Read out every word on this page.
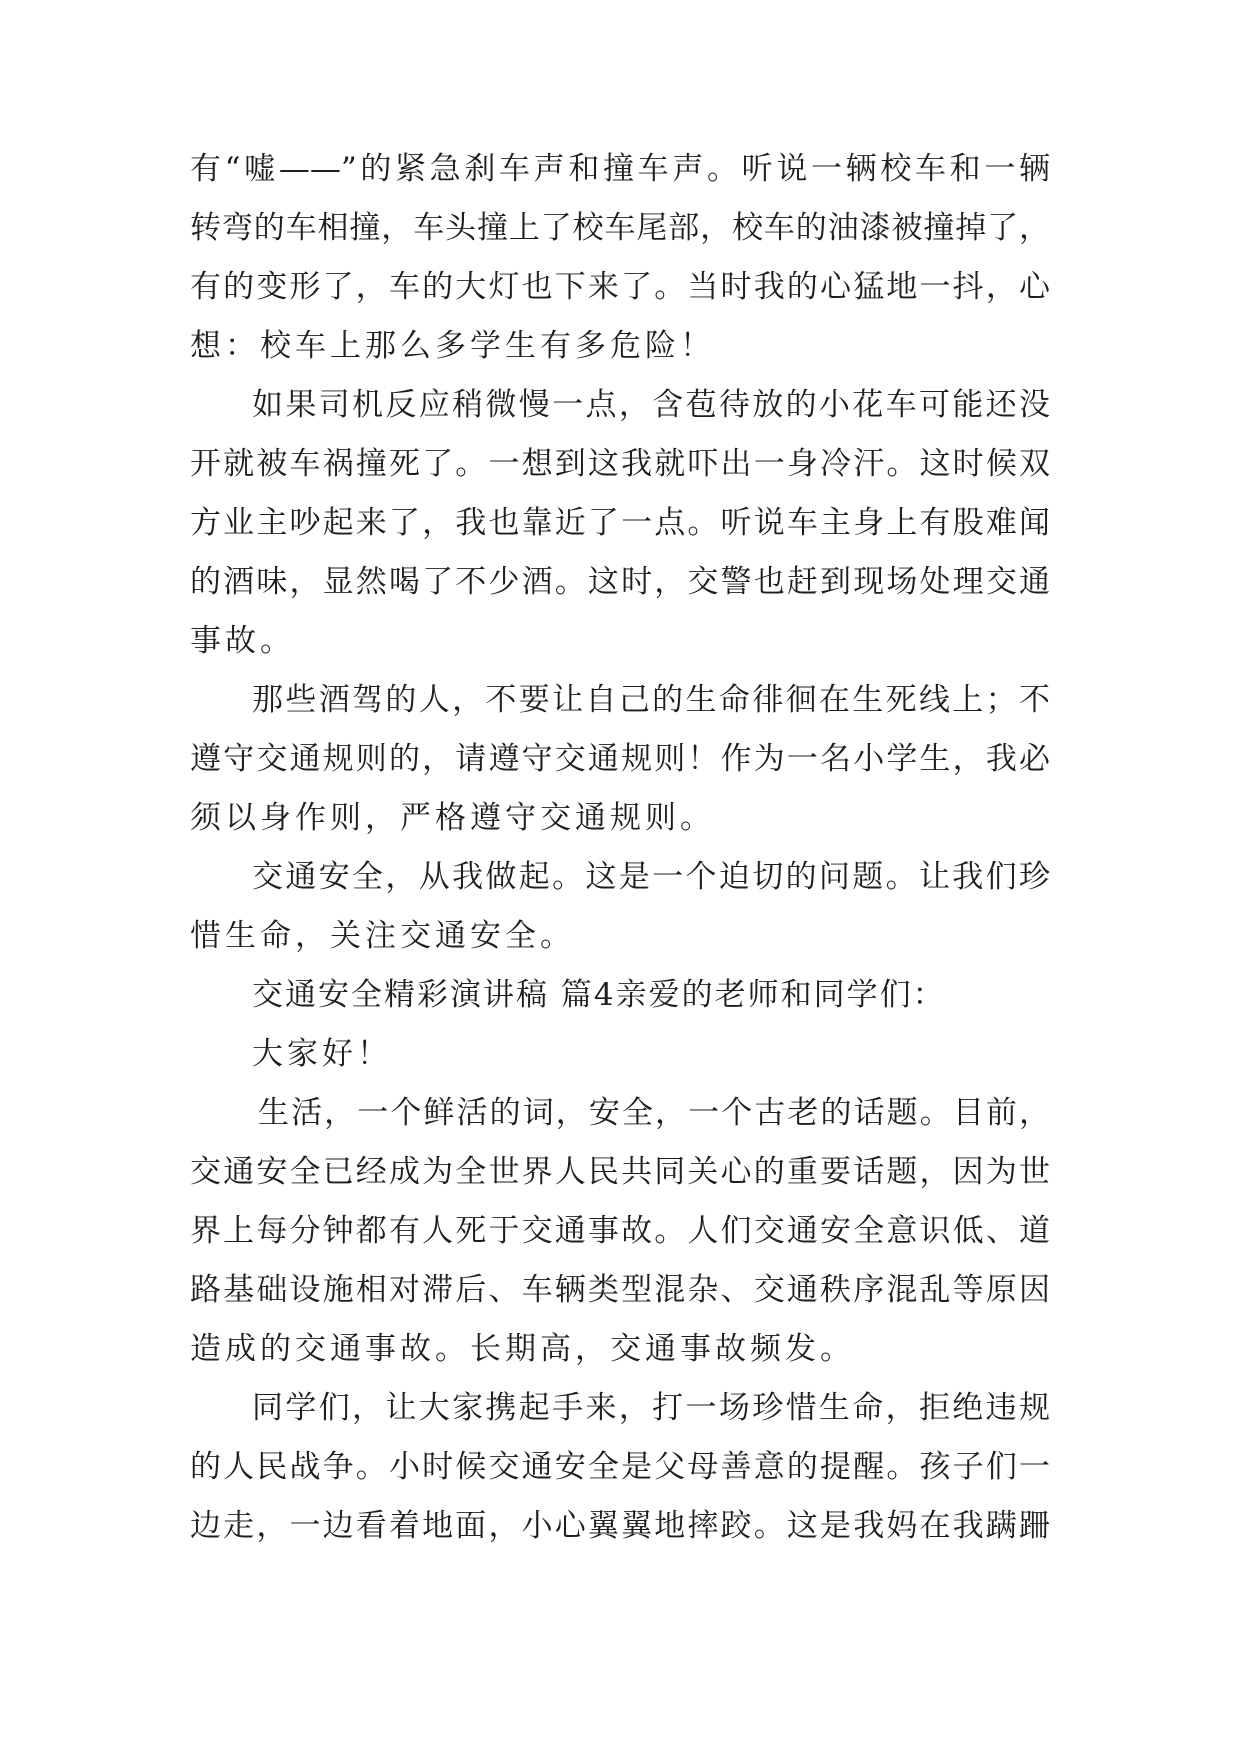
有“嘘——”的紧急刹车声和撞车声。听说一辆校车和一辆
转弯的车相撞，车头撞上了校车尾部，校车的油漆被撞掉了，
有的变形了，车的大灯也下来了。当时我的心猛地一抖，心
想：校车上那么多学生有多危险！
如果司机反应稍微慢一点，含苞待放的小花车可能还没
开就被车祸撞死了。一想到这我就吓出一身冷汗。这时候双
方业主吵起来了，我也靠近了一点。听说车主身上有股难闻
的酒味，显然喝了不少酒。这时，交警也赶到现场处理交通
事故。
那些酒驾的人，不要让自己的生命徘徊在生死线上；不
遵守交通规则的，请遵守交通规则！作为一名小学生，我必
须以身作则，严格遵守交通规则。
交通安全，从我做起。这是一个迫切的问题。让我们珍
惜生命，关注交通安全。
交通安全精彩演讲稿 篇4亲爱的老师和同学们：
大家好！
生活，一个鲜活的词，安全，一个古老的话题。目前，
交通安全已经成为全世界人民共同关心的重要话题，因为世
界上每分钟都有人死于交通事故。人们交通安全意识低、道
路基础设施相对滞后、车辆类型混杂、交通秩序混乱等原因
造成的交通事故。长期高，交通事故频发。
同学们，让大家携起手来，打一场珍惜生命，拒绝违规
的人民战争。小时候交通安全是父母善意的提醒。孩子们一
边走，一边看着地面，小心翼翼地摔跤。这是我妈在我蹒跚
